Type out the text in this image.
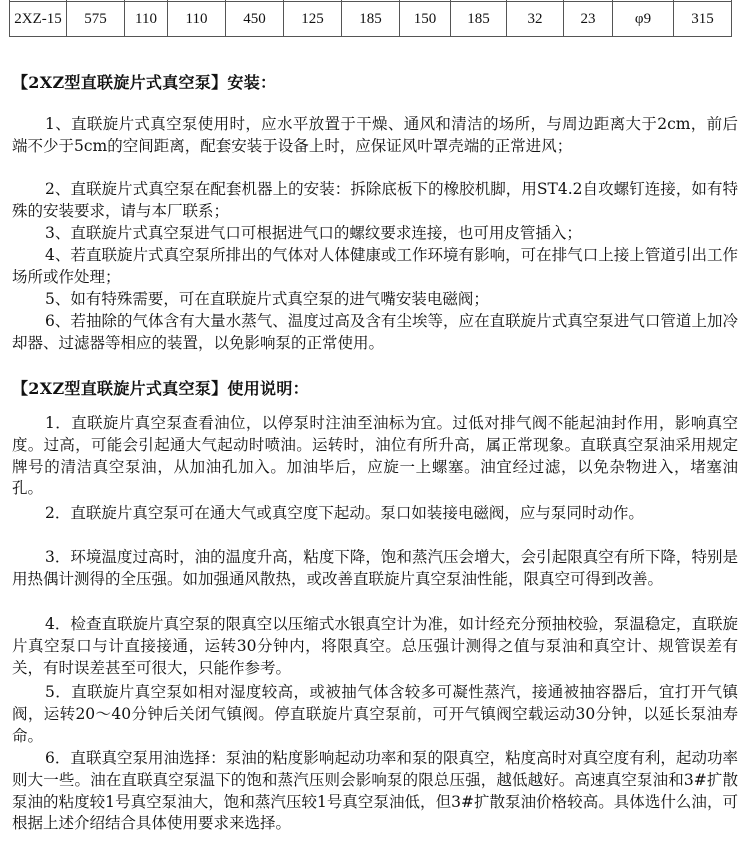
2XZ-15	575	110	110	450	125	185	150	185	32	23	φ9	315
【2XZ型直联旋片式真空泵】安装：
1、直联旋片式真空泵使用时，应水平放置于干燥、通风和清洁的场所，与周边距离大于2cm，前后端不少于5cm的空间距离，配套安装于设备上时，应保证风叶罩壳端的正常进风；
2、直联旋片式真空泵在配套机器上的安装：拆除底板下的橡胶机脚，用ST4.2自攻螺钉连接，如有特殊的安装要求，请与本厂联系；
3、直联旋片式真空泵进气口可根据进气口的螺纹要求连接，也可用皮管插入；
4、若直联旋片式真空泵所排出的气体对人体健康或工作环境有影响，可在排气口上接上管道引出工作场所或作处理；
5、如有特殊需要，可在直联旋片式真空泵的进气嘴安装电磁阀；
6、若抽除的气体含有大量水蒸气、温度过高及含有尘埃等，应在直联旋片式真空泵进气口管道上加冷却器、过滤器等相应的装置，以免影响泵的正常使用。
【2XZ型直联旋片式真空泵】使用说明：
1．直联旋片真空泵查看油位，以停泵时注油至油标为宜。过低对排气阀不能起油封作用，影响真空度。过高，可能会引起通大气起动时喷油。运转时，油位有所升高，属正常现象。直联真空泵油采用规定牌号的清洁真空泵油，从加油孔加入。加油毕后，应旋一上螺塞。油宜经过滤，以免杂物进入，堵塞油孔。
2．直联旋片真空泵可在通大气或真空度下起动。泵口如装接电磁阀，应与泵同时动作。
3．环境温度过高时，油的温度升高，粘度下降，饱和蒸汽压会增大，会引起限真空有所下降，特别是用热偶计测得的全压强。如加强通风散热，或改善直联旋片真空泵油性能，限真空可得到改善。
4．检查直联旋片真空泵的限真空以压缩式水银真空计为准，如计经充分预抽校验，泵温稳定，直联旋片真空泵口与计直接接通，运转30分钟内，将限真空。总压强计测得之值与泵油和真空计、规管误差有关，有时误差甚至可很大，只能作参考。
5．直联旋片真空泵如相对湿度较高，或被抽气体含较多可凝性蒸汽，接通被抽容器后，宜打开气镇阀，运转20～40分钟后关闭气镇阀。停直联旋片真空泵前，可开气镇阀空载运动30分钟，以延长泵油寿命。
6．直联真空泵用油选择：泵油的粘度影响起动功率和泵的限真空，粘度高时对真空度有利，起动功率则大一些。油在直联真空泵温下的饱和蒸汽压则会影响泵的限总压强，越低越好。高速真空泵油和3#扩散泵油的粘度较1号真空泵油大，饱和蒸汽压较1号真空泵油低，但3#扩散泵油价格较高。具体选什么油，可根据上述介绍结合具体使用要求来选择。
